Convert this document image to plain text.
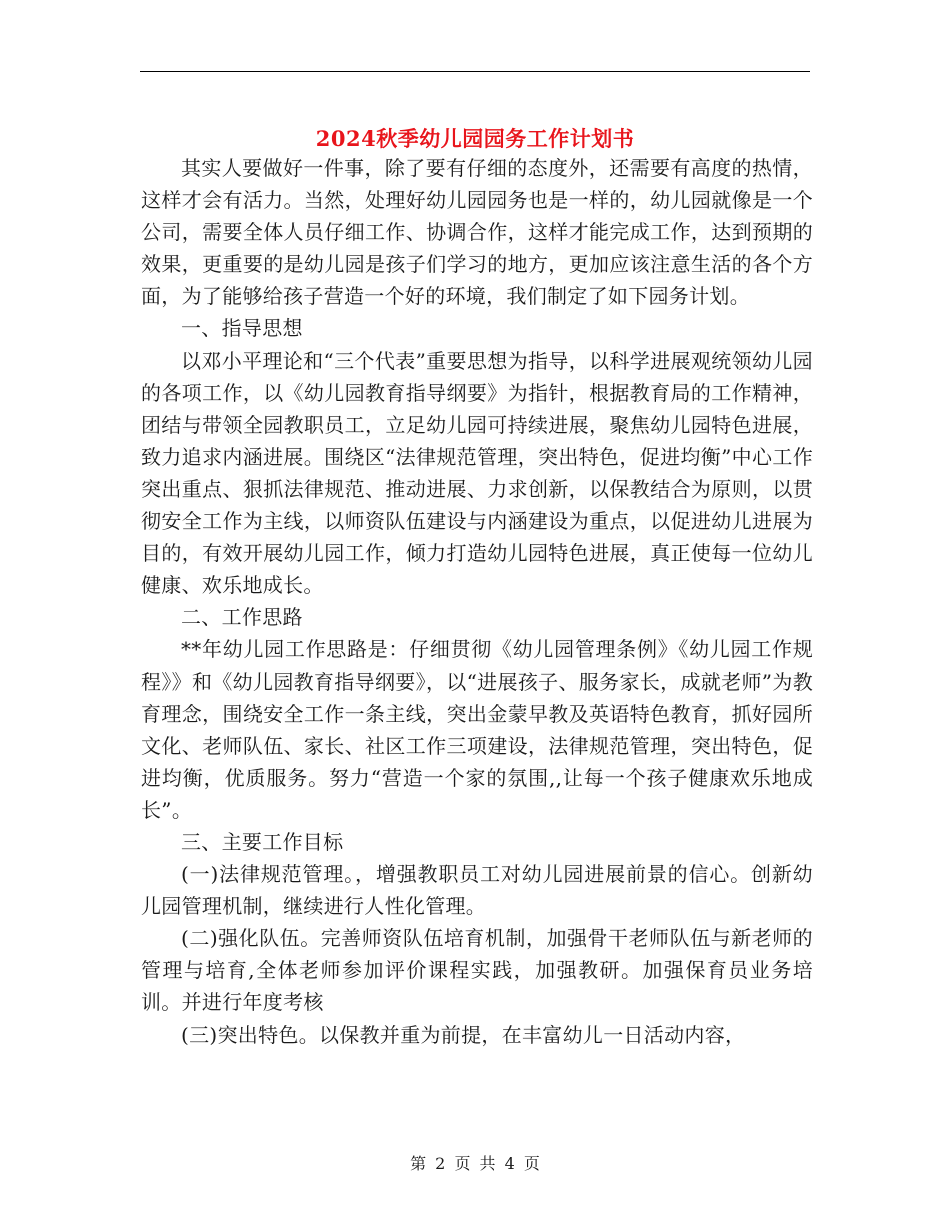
2024秋季幼儿园园务工作计划书

其实人要做好一件事，除了要有仔细的态度外，还需要有高度的热情，这样才会有活力。当然，处理好幼儿园园务也是一样的，幼儿园就像是一个公司，需要全体人员仔细工作、协调合作，这样才能完成工作，达到预期的效果，更重要的是幼儿园是孩子们学习的地方，更加应该注意生活的各个方面，为了能够给孩子营造一个好的环境，我们制定了如下园务计划。

一、指导思想

以邓小平理论和“三个代表”重要思想为指导，以科学进展观统领幼儿园的各项工作，以《幼儿园教育指导纲要》为指针，根据教育局的工作精神，团结与带领全园教职员工，立足幼儿园可持续进展，聚焦幼儿园特色进展，致力追求内涵进展。围绕区“法律规范管理，突出特色，促进均衡”中心工作突出重点、狠抓法律规范、推动进展、力求创新，以保教结合为原则，以贯彻安全工作为主线，以师资队伍建设与内涵建设为重点，以促进幼儿进展为目的，有效开展幼儿园工作，倾力打造幼儿园特色进展，真正使每一位幼儿健康、欢乐地成长。

二、工作思路

**年幼儿园工作思路是：仔细贯彻《幼儿园管理条例》《幼儿园工作规程》》和《幼儿园教育指导纲要》，以“进展孩子、服务家长，成就老师”为教育理念，围绕安全工作一条主线，突出金蒙早教及英语特色教育，抓好园所文化、老师队伍、家长、社区工作三项建设，法律规范管理，突出特色，促进均衡，优质服务。努力“营造一个家的氛围,,让每一个孩子健康欢乐地成长”。

三、主要工作目标

(一)法律规范管理。，增强教职员工对幼儿园进展前景的信心。创新幼儿园管理机制，继续进行人性化管理。

(二)强化队伍。完善师资队伍培育机制，加强骨干老师队伍与新老师的管理与培育,全体老师参加评价课程实践，加强教研。加强保育员业务培训。并进行年度考核

(三)突出特色。以保教并重为前提，在丰富幼儿一日活动内容，

第 2 页 共 4 页
